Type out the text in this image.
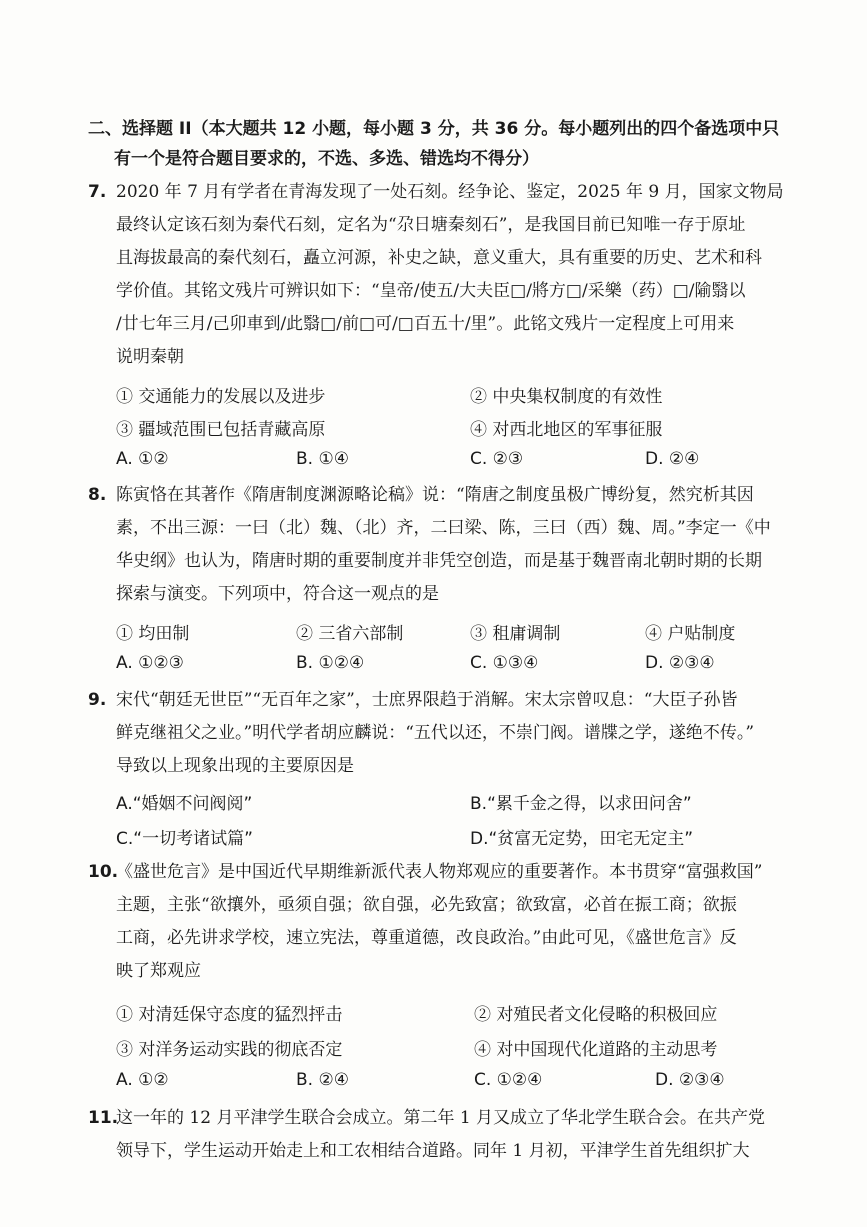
二、选择题 II（本大题共 12 小题，每小题 3 分，共 36 分。每小题列出的四个备选项中只
有一个是符合题目要求的，不选、多选、错选均不得分）
7. 2020 年 7 月有学者在青海发现了一处石刻。经争论、鉴定，2025 年 9 月，国家文物局
最终认定该石刻为秦代石刻，定名为“尕日塘秦刻石”，是我国目前已知唯一存于原址
且海拔最高的秦代刻石，矗立河源，补史之缺，意义重大，具有重要的历史、艺术和科
学价值。其铭文残片可辨识如下：“皇帝/使五/大夫臣□/將方□/采樂（药）□/隃翳以
/廿七年三月/己卯車到/此翳□/前□可/□百五十/里”。此铭文残片一定程度上可用来
说明秦朝
① 交通能力的发展以及进步	② 中央集权制度的有效性
③ 疆域范围已包括青藏高原	④ 对西北地区的军事征服
A. ①②	B. ①④	C. ②③	D. ②④
8. 陈寅恪在其著作《隋唐制度渊源略论稿》说：“隋唐之制度虽极广博纷复，然究析其因
素，不出三源：一曰（北）魏、（北）齐，二曰梁、陈，三曰（西）魏、周。”李定一《中
华史纲》也认为，隋唐时期的重要制度并非凭空创造，而是基于魏晋南北朝时期的长期
探索与演变。下列项中，符合这一观点的是
① 均田制	② 三省六部制	③ 租庸调制	④ 户贴制度
A. ①②③	B. ①②④	C. ①③④	D. ②③④
9. 宋代“朝廷无世臣”“无百年之家”，士庶界限趋于消解。宋太宗曾叹息：“大臣子孙皆
鲜克继祖父之业。”明代学者胡应麟说：“五代以还，不崇门阀。谱牒之学，遂绝不传。”
导致以上现象出现的主要原因是
A.“婚姻不问阀阅”	B.“累千金之得，以求田问舍”
C.“一切考诸试篇”	D.“贫富无定势，田宅无定主”
10.
《盛世危言》是中国近代早期维新派代表人物郑观应的重要著作。本书贯穿“富强救国”
主题，主张“欲攘外，亟须自强；欲自强，必先致富；欲致富，必首在振工商；欲振
工商，必先讲求学校，速立宪法，尊重道德，改良政治。”由此可见，《盛世危言》反
映了郑观应
① 对清廷保守态度的猛烈抨击	② 对殖民者文化侵略的积极回应
③ 对洋务运动实践的彻底否定	④ 对中国现代化道路的主动思考
A. ①②	B. ②④	C. ①②④	D. ②③④
11.
这一年的 12 月平津学生联合会成立。第二年 1 月又成立了华北学生联合会。在共产党
领导下，学生运动开始走上和工农相结合道路。同年 1 月初，平津学生首先组织扩大
